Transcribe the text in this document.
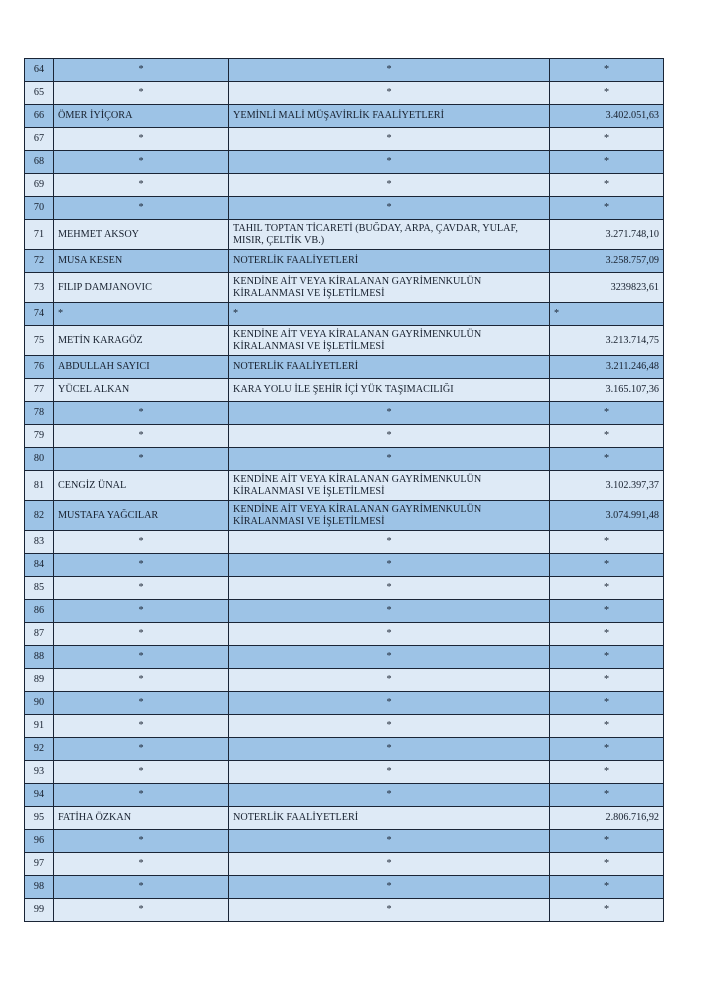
64	*	*	*
65	*	*	*
66	ÖMER İYİÇORA	YEMİNLİ MALİ MÜŞAVİRLİK FAALİYETLERİ	3.402.051,63
67	*	*	*
68	*	*	*
69	*	*	*
70	*	*	*
71	MEHMET AKSOY	TAHIL TOPTAN TİCARETİ (BUĞDAY, ARPA, ÇAVDAR, YULAF, MISIR, ÇELTİK VB.)	3.271.748,10
72	MUSA KESEN	NOTERLİK FAALİYETLERİ	3.258.757,09
73	FILIP DAMJANOVIC	KENDİNE AİT VEYA KİRALANAN GAYRİMENKULÜN KİRALANMASI VE İŞLETİLMESİ	3239823,61
74	*	*	*
75	METİN KARAGÖZ	KENDİNE AİT VEYA KİRALANAN GAYRİMENKULÜN KİRALANMASI VE İŞLETİLMESİ	3.213.714,75
76	ABDULLAH SAYICI	NOTERLİK FAALİYETLERİ	3.211.246,48
77	YÜCEL ALKAN	KARA YOLU İLE ŞEHİR İÇİ YÜK TAŞIMACILIĞI	3.165.107,36
78	*	*	*
79	*	*	*
80	*	*	*
81	CENGİZ ÜNAL	KENDİNE AİT VEYA KİRALANAN GAYRİMENKULÜN KİRALANMASI VE İŞLETİLMESİ	3.102.397,37
82	MUSTAFA YAĞCILAR	KENDİNE AİT VEYA KİRALANAN GAYRİMENKULÜN KİRALANMASI VE İŞLETİLMESİ	3.074.991,48
83	*	*	*
84	*	*	*
85	*	*	*
86	*	*	*
87	*	*	*
88	*	*	*
89	*	*	*
90	*	*	*
91	*	*	*
92	*	*	*
93	*	*	*
94	*	*	*
95	FATİHA ÖZKAN	NOTERLİK FAALİYETLERİ	2.806.716,92
96	*	*	*
97	*	*	*
98	*	*	*
99	*	*	*
